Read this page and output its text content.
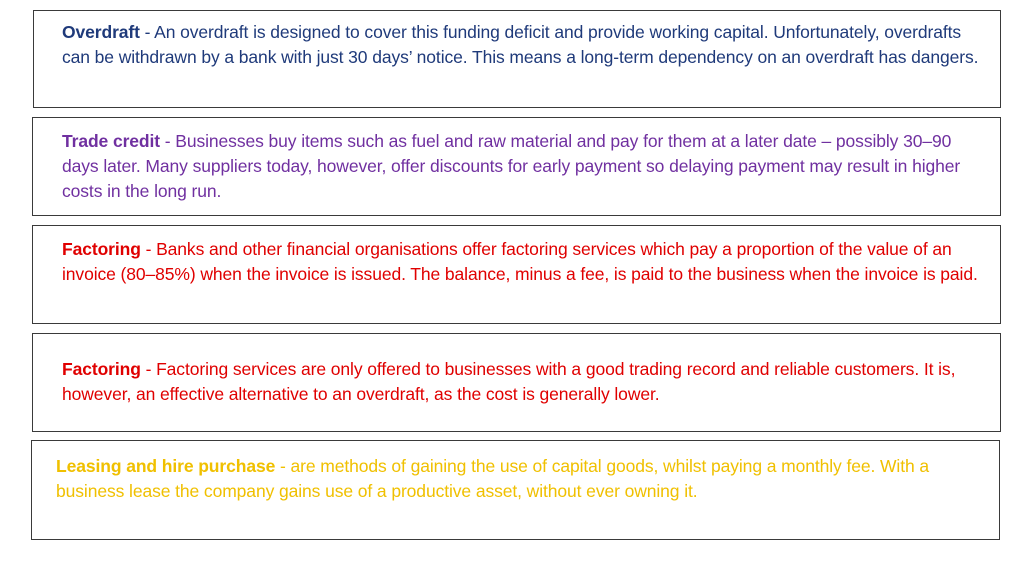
Overdraft - An overdraft is designed to cover this funding deficit and provide working capital. Unfortunately, overdrafts can be withdrawn by a bank with just 30 days’ notice. This means a long-term dependency on an overdraft has dangers.
Trade credit - Businesses buy items such as fuel and raw material and pay for them at a later date – possibly 30–90 days later. Many suppliers today, however, offer discounts for early payment so delaying payment may result in higher costs in the long run.
Factoring - Banks and other financial organisations offer factoring services which pay a proportion of the value of an invoice (80–85%) when the invoice is issued. The balance, minus a fee, is paid to the business when the invoice is paid.
Factoring - Factoring services are only offered to businesses with a good trading record and reliable customers. It is, however, an effective alternative to an overdraft, as the cost is generally lower.
Leasing and hire purchase - are methods of gaining the use of capital goods, whilst paying a monthly fee. With a business lease the company gains use of a productive asset, without ever owning it.
